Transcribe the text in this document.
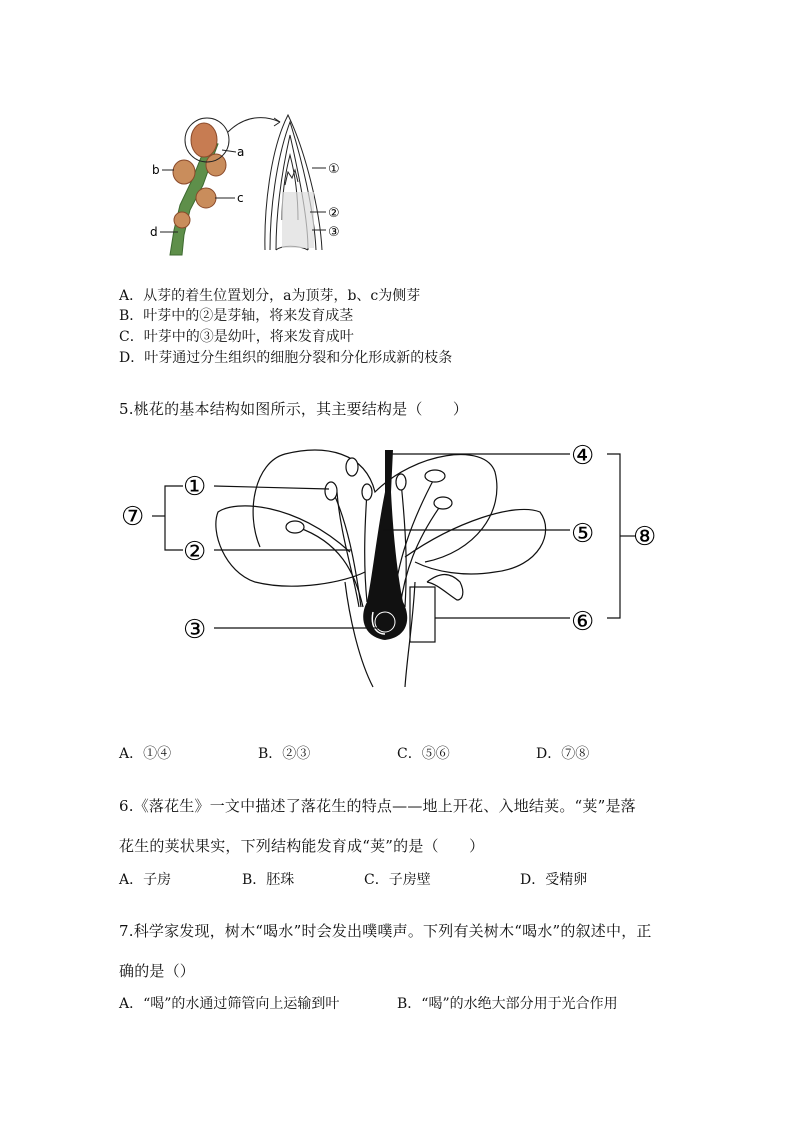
a
b
c
d
①
②
③
A．从芽的着生位置划分，a为顶芽，b、c为侧芽
B．叶芽中的②是芽轴，将来发育成茎
C．叶芽中的③是幼叶，将来发育成叶
D．叶芽通过分生组织的细胞分裂和分化形成新的枝条
5.桃花的基本结构如图所示，其主要结构是（　　）
①
②
③
④
⑤
⑥
⑦
⑧
A．①④	B．②③	C．⑤⑥	D．⑦⑧
6.《落花生》一文中描述了落花生的特点——地上开花、入地结荚。“荚”是落
花生的荚状果实，下列结构能发育成“荚”的是（　　）
A．子房	B．胚珠	C．子房壁	D．受精卵
7.科学家发现，树木“喝水”时会发出噗噗声。下列有关树木“喝水”的叙述中，正
确的是（）
A．“喝”的水通过筛管向上运输到叶	B．“喝”的水绝大部分用于光合作用
